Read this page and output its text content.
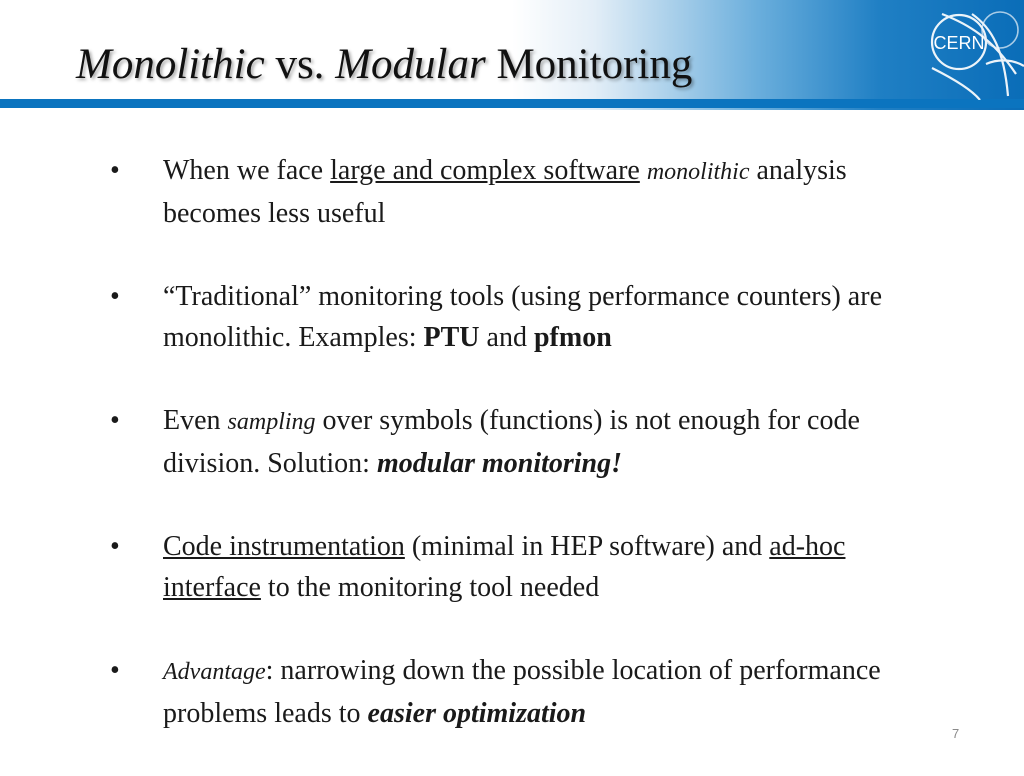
Monolithic vs. Modular Monitoring	CERN
• When we face large and complex software monolithic analysis becomes less useful
• “Traditional” monitoring tools (using performance counters) are monolithic. Examples: PTU and pfmon
• Even sampling over symbols (functions) is not enough for code division. Solution: modular monitoring!
• Code instrumentation (minimal in HEP software) and ad-hoc interface to the monitoring tool needed
• Advantage: narrowing down the possible location of performance problems leads to easier optimization
7
